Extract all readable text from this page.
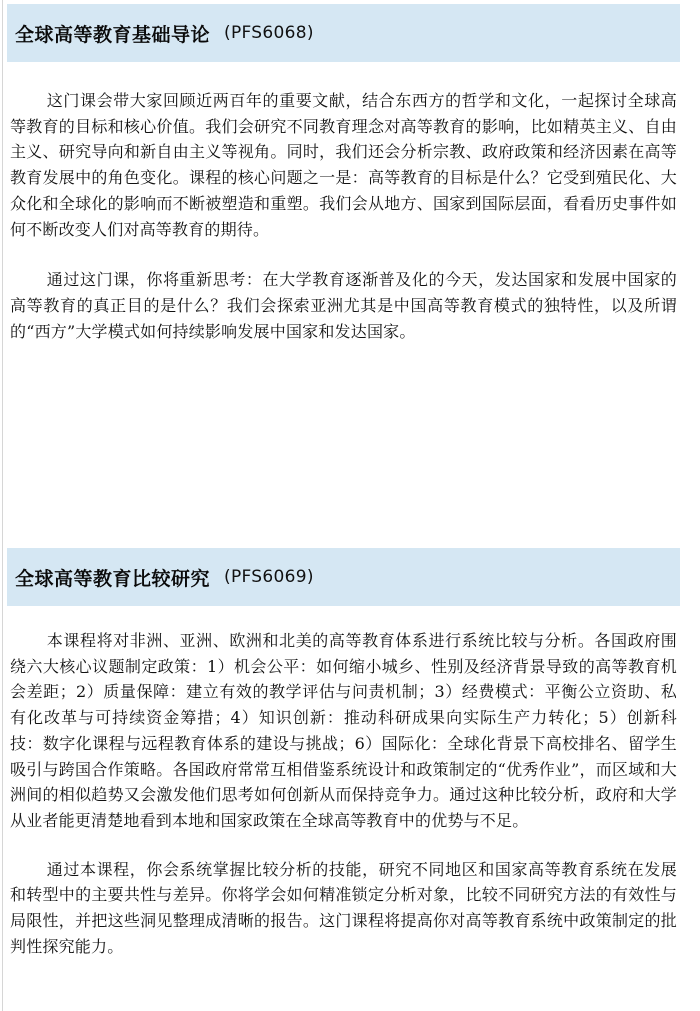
全球高等教育基础导论 (PFS6068)

这门课会带大家回顾近两百年的重要文献，结合东西方的哲学和文化，一起探讨全球高等教育的目标和核心价值。我们会研究不同教育理念对高等教育的影响，比如精英主义、自由主义、研究导向和新自由主义等视角。同时，我们还会分析宗教、政府政策和经济因素在高等教育发展中的角色变化。课程的核心问题之一是：高等教育的目标是什么？它受到殖民化、大众化和全球化的影响而不断被塑造和重塑。我们会从地方、国家到国际层面，看看历史事件如何不断改变人们对高等教育的期待。

通过这门课，你将重新思考：在大学教育逐渐普及化的今天，发达国家和发展中国家的高等教育的真正目的是什么？我们会探索亚洲尤其是中国高等教育模式的独特性，以及所谓的“西方”大学模式如何持续影响发展中国家和发达国家。

全球高等教育比较研究 (PFS6069)

本课程将对非洲、亚洲、欧洲和北美的高等教育体系进行系统比较与分析。各国政府围绕六大核心议题制定政策：1）机会公平：如何缩小城乡、性别及经济背景导致的高等教育机会差距；2）质量保障：建立有效的教学评估与问责机制；3）经费模式：平衡公立资助、私有化改革与可持续资金筹措；4）知识创新：推动科研成果向实际生产力转化；5）创新科技：数字化课程与远程教育体系的建设与挑战；6）国际化：全球化背景下高校排名、留学生吸引与跨国合作策略。各国政府常常互相借鉴系统设计和政策制定的“优秀作业”，而区域和大洲间的相似趋势又会激发他们思考如何创新从而保持竞争力。通过这种比较分析，政府和大学从业者能更清楚地看到本地和国家政策在全球高等教育中的优势与不足。

通过本课程，你会系统掌握比较分析的技能，研究不同地区和国家高等教育系统在发展和转型中的主要共性与差异。你将学会如何精准锁定分析对象，比较不同研究方法的有效性与局限性，并把这些洞见整理成清晰的报告。这门课程将提高你对高等教育系统中政策制定的批判性探究能力。
